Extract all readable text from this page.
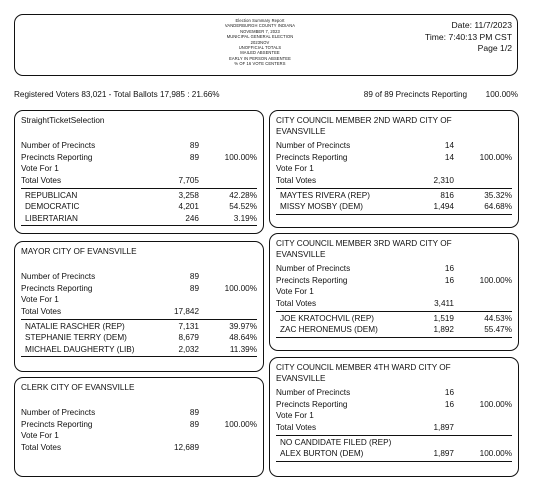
Election Summary Report
VANDERBURGH COUNTY INDIANA
NOVEMBER 7, 2023
MUNICIPAL GENERAL ELECTION
2023NOV
UNOFFICIAL TOTALS
MAILED ABSENTEE
EARLY IN PERSON ABSENTEE
% OF 16 VOTE CENTERS
Date: 11/7/2023
Time: 7:40:13 PM CST
Page 1/2
Registered Voters 83,021 - Total Ballots 17,985 : 21.66%	89 of 89 Precincts Reporting 100.00%
StraightTicketSelection
Number of Precincts	89
Precincts Reporting	89	100.00%
Vote For 1
Total Votes	7,705
REPUBLICAN	3,258	42.28%
DEMOCRATIC	4,201	54.52%
LIBERTARIAN	246	3.19%
MAYOR CITY OF EVANSVILLE
Number of Precincts	89
Precincts Reporting	89	100.00%
Vote For 1
Total Votes	17,842
NATALIE RASCHER (REP)	7,131	39.97%
STEPHANIE TERRY (DEM)	8,679	48.64%
MICHAEL DAUGHERTY (LIB)	2,032	11.39%
CLERK CITY OF EVANSVILLE
Number of Precincts	89
Precincts Reporting	89	100.00%
Vote For 1
Total Votes	12,689
CITY COUNCIL MEMBER 2ND WARD CITY OF
EVANSVILLE
Number of Precincts	14
Precincts Reporting	14	100.00%
Vote For 1
Total Votes	2,310
MAYTES RIVERA (REP)	816	35.32%
MISSY MOSBY (DEM)	1,494	64.68%
CITY COUNCIL MEMBER 3RD WARD CITY OF
EVANSVILLE
Number of Precincts	16
Precincts Reporting	16	100.00%
Vote For 1
Total Votes	3,411
JOE KRATOCHVIL (REP)	1,519	44.53%
ZAC HERONEMUS (DEM)	1,892	55.47%
CITY COUNCIL MEMBER 4TH WARD CITY OF
EVANSVILLE
Number of Precincts	16
Precincts Reporting	16	100.00%
Vote For 1
Total Votes	1,897
NO CANDIDATE FILED (REP)
ALEX BURTON (DEM)	1,897	100.00%
